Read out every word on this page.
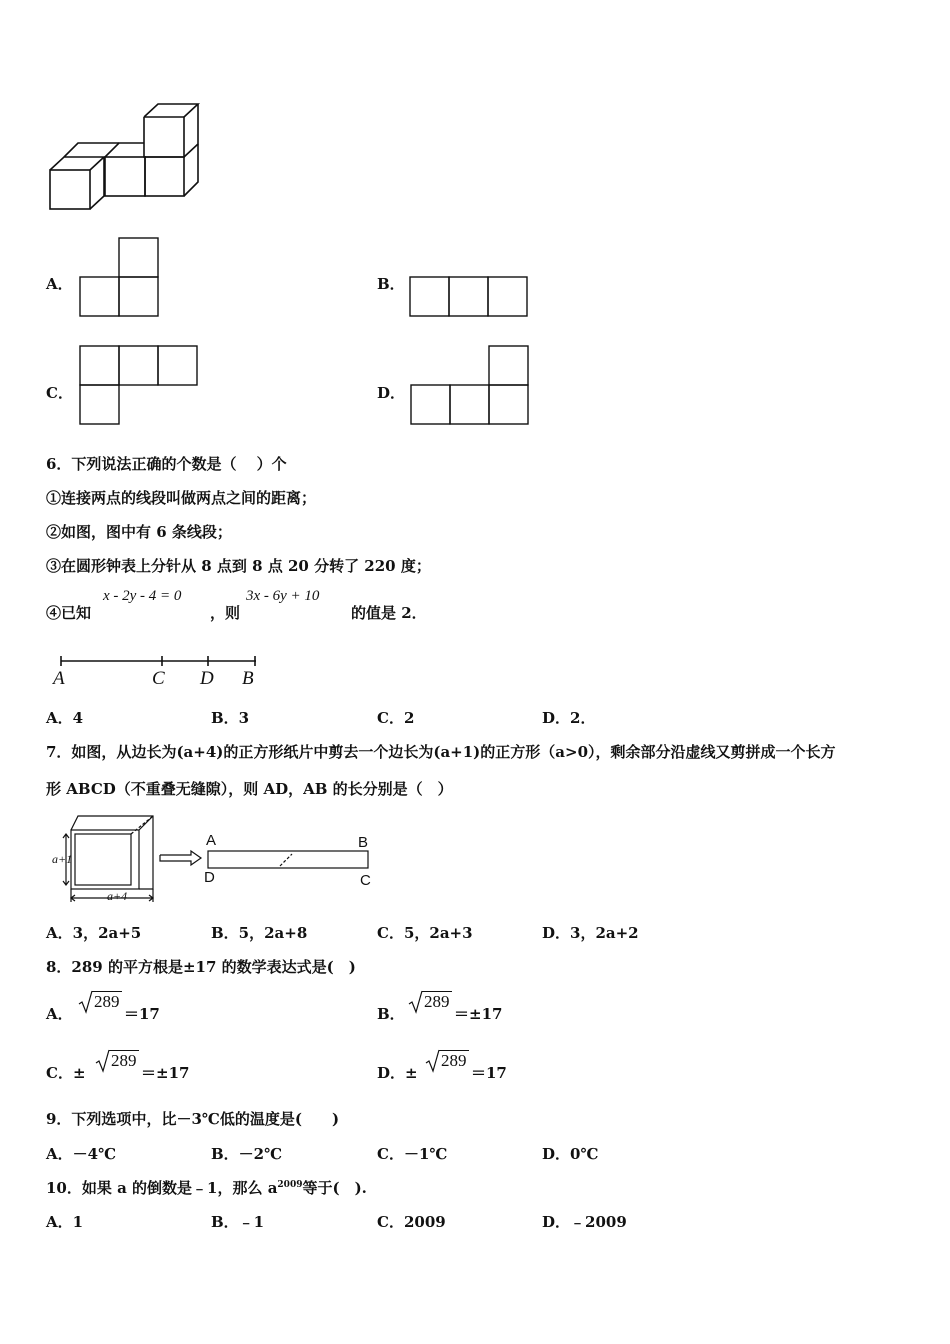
A．	B．
C．	D．
6．下列说法正确的个数是（　 ）个
①连接两点的线段叫做两点之间的距离；
②如图，图中有 6 条线段；
③在圆形钟表上分针从 8 点到 8 点 20 分转了 220 度；
④已知
x - 2y - 4 = 0
，则
3x - 6y + 10
的值是 2．
A	C D B
A．4	B．3	C．2	D．2．
7．如图，从边长为(a+4)的正方形纸片中剪去一个边长为(a+1)的正方形（a>0），剩余部分沿虚线又剪拼成一个长方
形 ABCD（不重叠无缝隙），则 AD，AB 的长分别是（　）
a+1
a+4
A	B
D	C
A．3，2a+5	B．5，2a+8	C．5，2a+3	D．3，2a+2
8．289 的平方根是±17 的数学表达式是(　)
A．
289
＝17	B．
289
＝±17
C．±
289
＝±17	D．±
289
＝17
9．下列选项中，比－3℃低的温度是(　　)
A．－4℃	B．－2℃	C．－1℃	D．0℃
10．如果 a 的倒数是﹣1，那么 $a^{2009}$等于(　).
A．1	B．﹣1	C．2009	D．﹣2009
